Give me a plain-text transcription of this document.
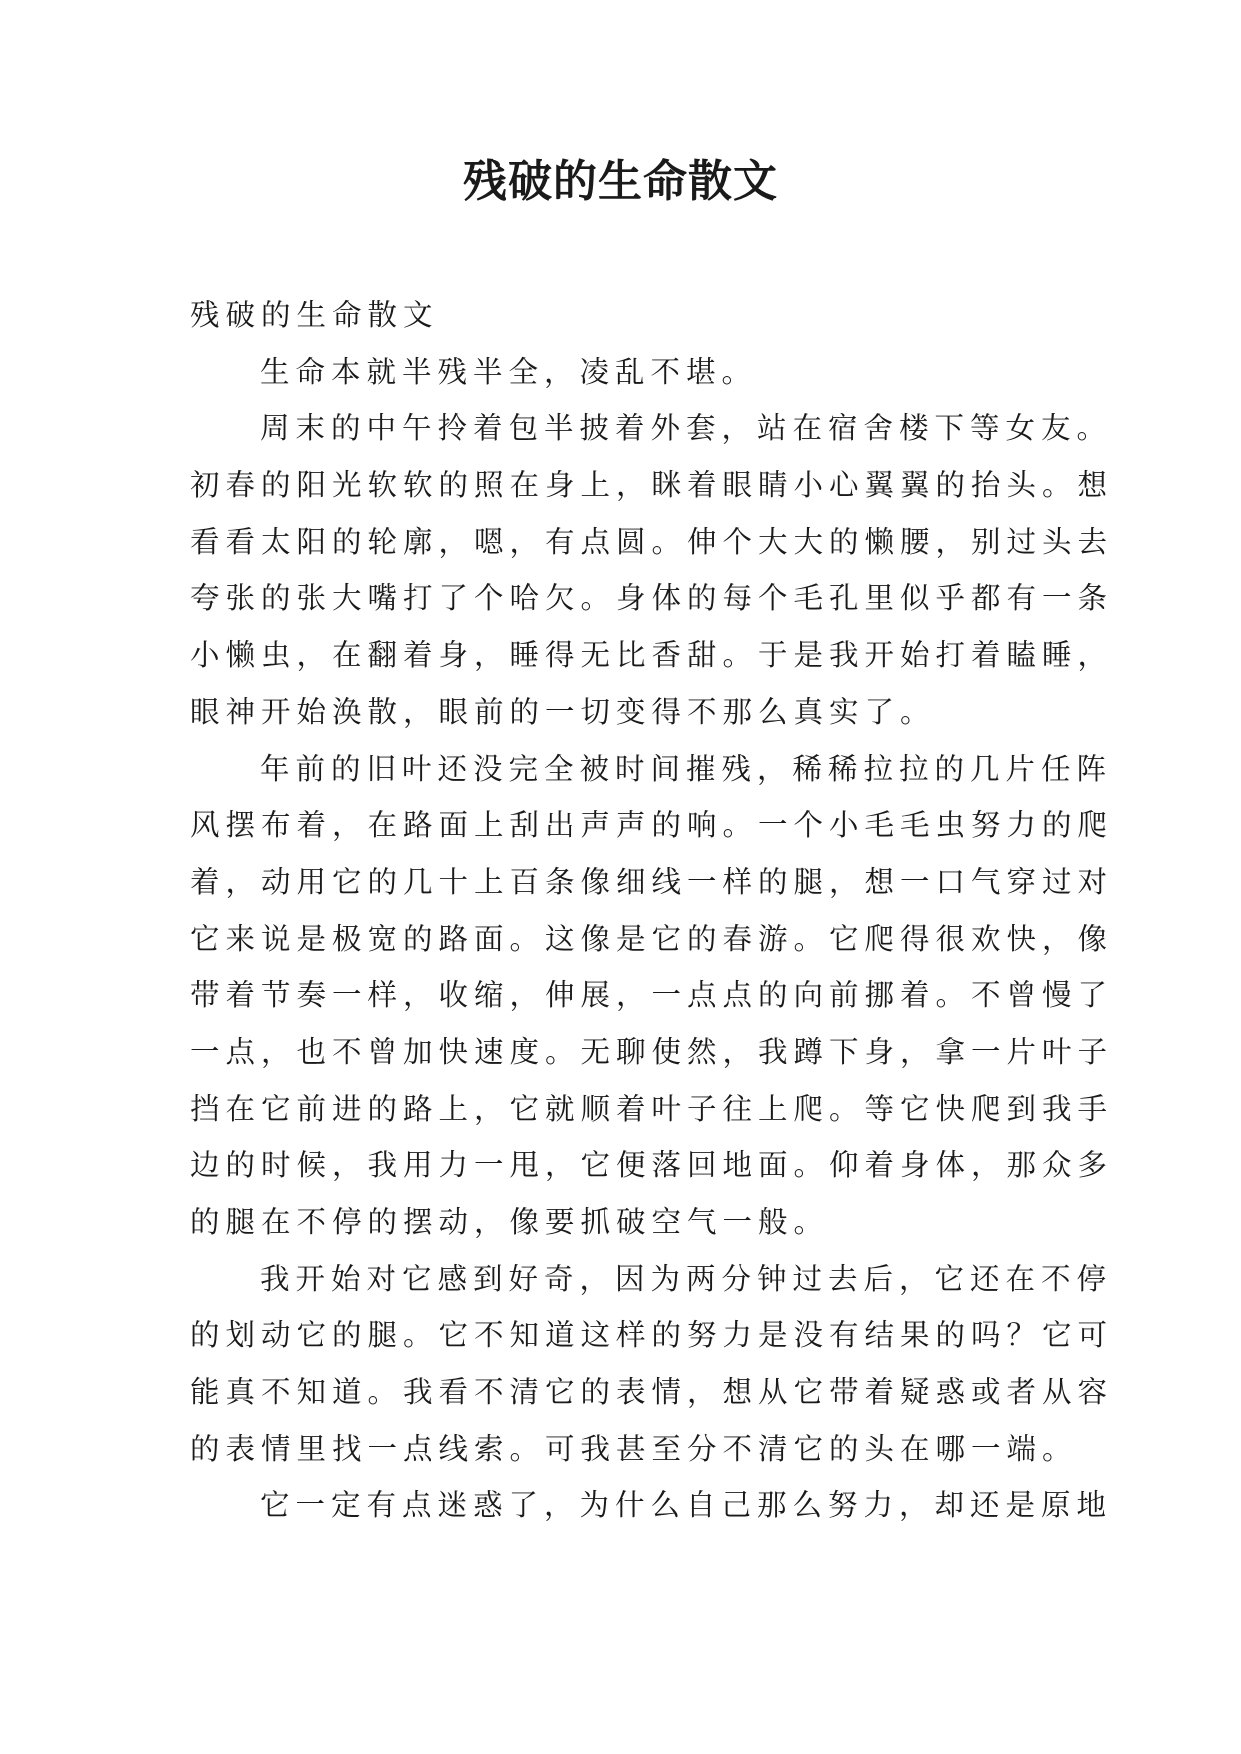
残破的生命散文
残破的生命散文
生命本就半残半全，凌乱不堪。
周末的中午拎着包半披着外套，站在宿舍楼下等女友。
初春的阳光软软的照在身上，眯着眼睛小心翼翼的抬头。想
看看太阳的轮廓，嗯，有点圆。伸个大大的懒腰，别过头去
夸张的张大嘴打了个哈欠。身体的每个毛孔里似乎都有一条
小懒虫，在翻着身，睡得无比香甜。于是我开始打着瞌睡，
眼神开始涣散，眼前的一切变得不那么真实了。
年前的旧叶还没完全被时间摧残，稀稀拉拉的几片任阵
风摆布着，在路面上刮出声声的响。一个小毛毛虫努力的爬
着，动用它的几十上百条像细线一样的腿，想一口气穿过对
它来说是极宽的路面。这像是它的春游。它爬得很欢快，像
带着节奏一样，收缩，伸展，一点点的向前挪着。不曾慢了
一点，也不曾加快速度。无聊使然，我蹲下身，拿一片叶子
挡在它前进的路上，它就顺着叶子往上爬。等它快爬到我手
边的时候，我用力一甩，它便落回地面。仰着身体，那众多
的腿在不停的摆动，像要抓破空气一般。
我开始对它感到好奇，因为两分钟过去后，它还在不停
的划动它的腿。它不知道这样的努力是没有结果的吗？它可
能真不知道。我看不清它的表情，想从它带着疑惑或者从容
的表情里找一点线索。可我甚至分不清它的头在哪一端。
它一定有点迷惑了，为什么自己那么努力，却还是原地
